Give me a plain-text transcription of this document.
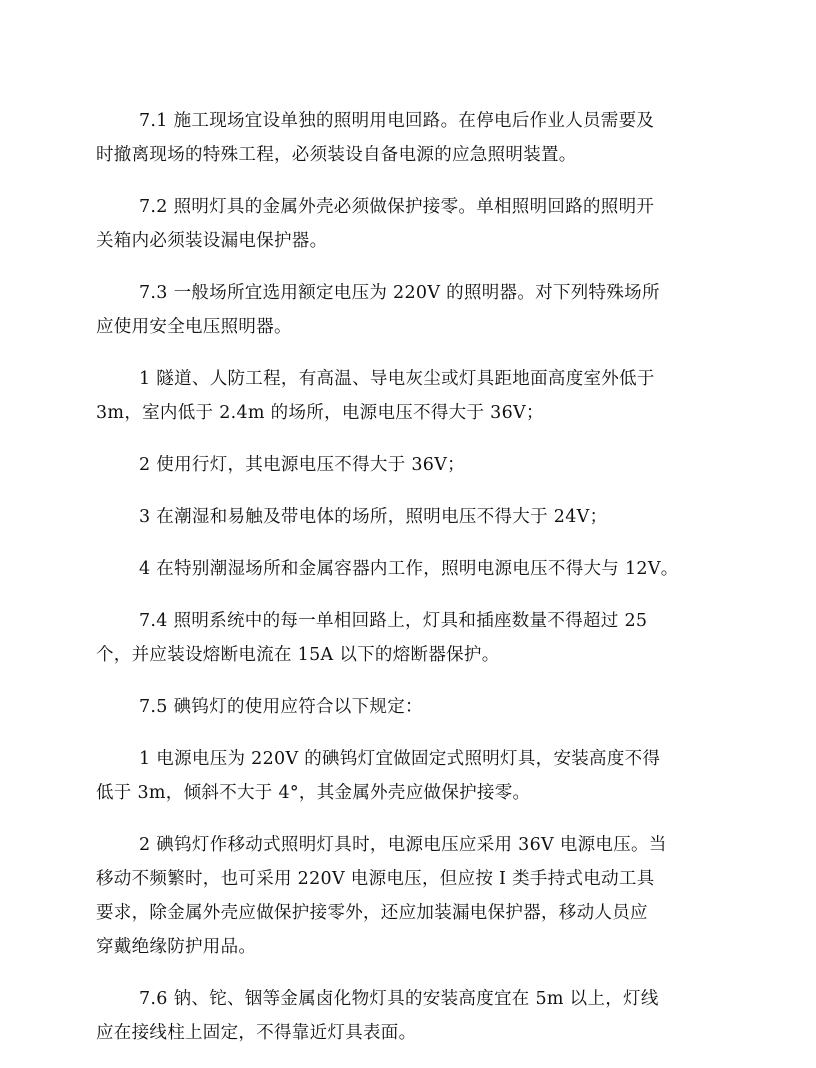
7.1 施工现场宜设单独的照明用电回路。在停电后作业人员需要及
时撤离现场的特殊工程，必须装设自备电源的应急照明装置。

7.2 照明灯具的金属外壳必须做保护接零。单相照明回路的照明开
关箱内必须装设漏电保护器。

7.3 一般场所宜选用额定电压为 220V 的照明器。对下列特殊场所
应使用安全电压照明器。

1 隧道、人防工程，有高温、导电灰尘或灯具距地面高度室外低于
3m，室内低于 2.4m 的场所，电源电压不得大于 36V；

2 使用行灯，其电源电压不得大于 36V；

3 在潮湿和易触及带电体的场所，照明电压不得大于 24V；

4 在特别潮湿场所和金属容器内工作，照明电源电压不得大与 12V。

7.4 照明系统中的每一单相回路上，灯具和插座数量不得超过 25
个，并应装设熔断电流在 15A 以下的熔断器保护。

7.5 碘钨灯的使用应符合以下规定：

1 电源电压为 220V 的碘钨灯宜做固定式照明灯具，安装高度不得
低于 3m，倾斜不大于 4°，其金属外壳应做保护接零。

2 碘钨灯作移动式照明灯具时，电源电压应采用 36V 电源电压。当
移动不频繁时，也可采用 220V 电源电压，但应按 I 类手持式电动工具
要求，除金属外壳应做保护接零外，还应加装漏电保护器，移动人员应
穿戴绝缘防护用品。

7.6 钠、铊、铟等金属卤化物灯具的安装高度宜在 5m 以上，灯线
应在接线柱上固定，不得靠近灯具表面。
